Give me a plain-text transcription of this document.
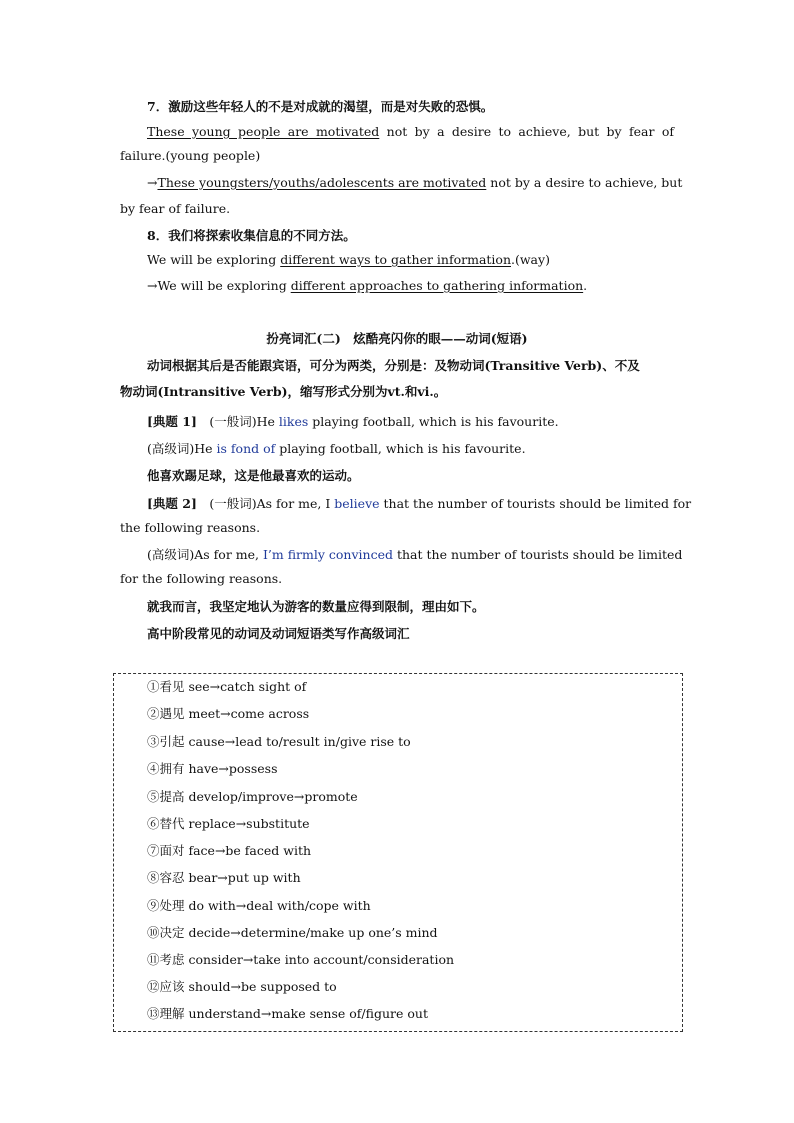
7．激励这些年轻人的不是对成就的渴望，而是对失败的恐惧。
These young people are motivated not by a desire to achieve, but by fear of
failure.(young people)
→These youngsters/youths/adolescents are motivated not by a desire to achieve, but
by fear of failure.
8．我们将探索收集信息的不同方法。
We will be exploring different ways to gather information.(way)
→We will be exploring different approaches to gathering information.
扮亮词汇(二)　炫酷亮闪你的眼——动词(短语)
动词根据其后是否能跟宾语，可分为两类，分别是：及物动词(Transitive Verb)、不及
物动词(Intransitive Verb)，缩写形式分别为vt.和vi.。
[典题 1]　(一般词)He likes playing football, which is his favourite.
(高级词)He is fond of playing football, which is his favourite.
他喜欢踢足球，这是他最喜欢的运动。
[典题 2]　(一般词)As for me, I believe that the number of tourists should be limited for
the following reasons.
(高级词)As for me, I’m firmly convinced that the number of tourists should be limited
for the following reasons.
就我而言，我坚定地认为游客的数量应得到限制，理由如下。
高中阶段常见的动词及动词短语类写作高级词汇
①看见 see→catch sight of
②遇见 meet→come across
③引起 cause→lead to/result in/give rise to
④拥有 have→possess
⑤提高 develop/improve→promote
⑥替代 replace→substitute
⑦面对 face→be faced with
⑧容忍 bear→put up with
⑨处理 do with→deal with/cope with
⑩决定 decide→determine/make up one’s mind
⑪考虑 consider→take into account/consideration
⑫应该 should→be supposed to
⑬理解 understand→make sense of/figure out
